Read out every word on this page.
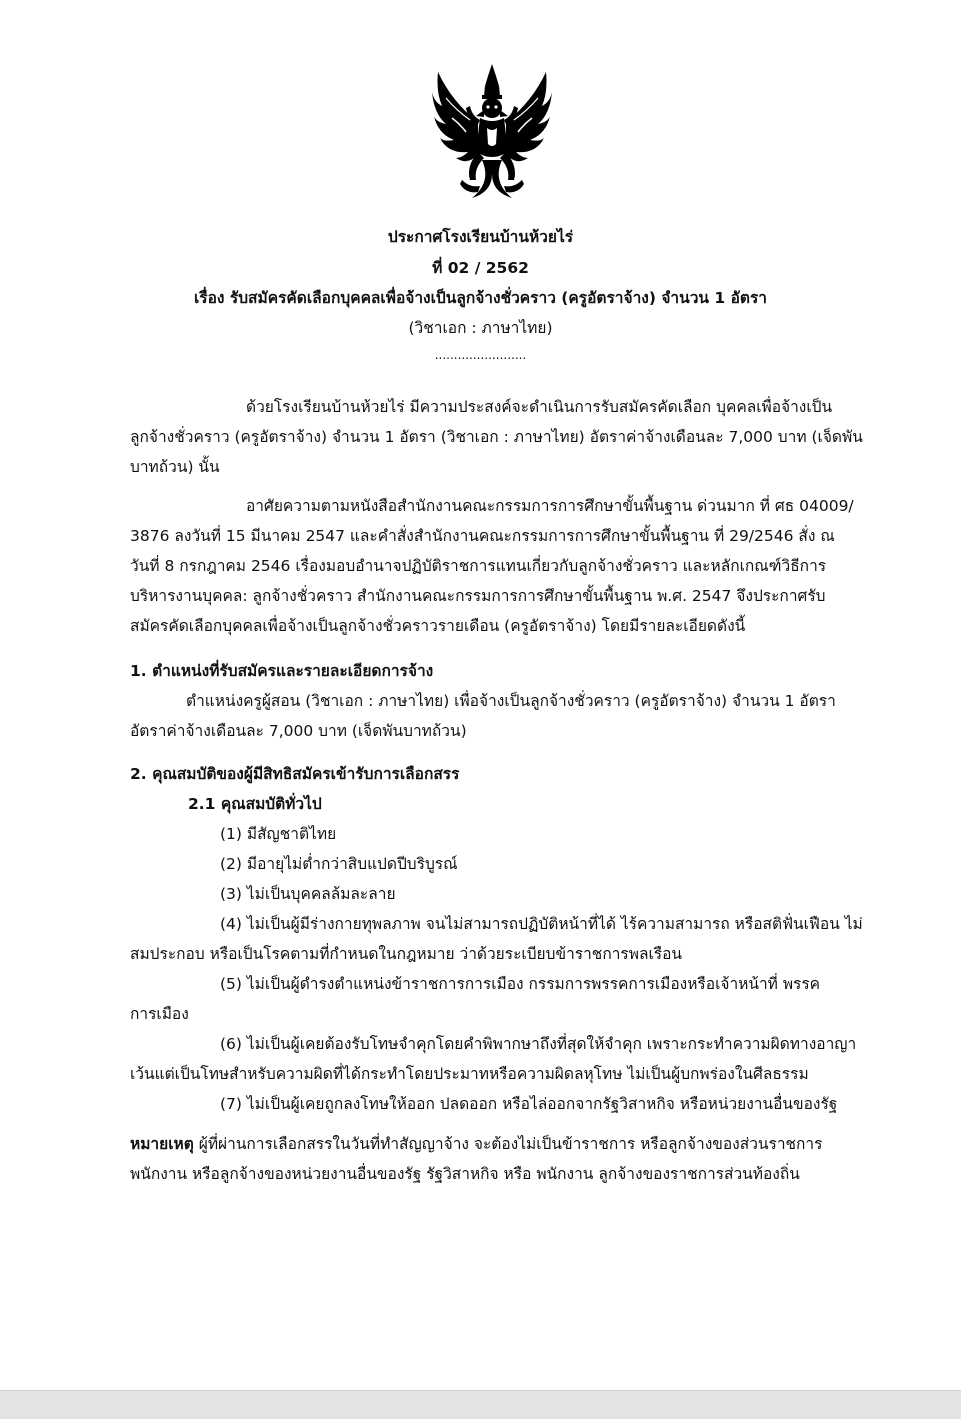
ประกาศโรงเรียนบ้านห้วยไร่
ที่ 02 / 2562
เรื่อง รับสมัครคัดเลือกบุคคลเพื่อจ้างเป็นลูกจ้างชั่วคราว (ครูอัตราจ้าง) จำนวน 1 อัตรา
(วิชาเอก : ภาษาไทย)
........................
ด้วยโรงเรียนบ้านห้วยไร่ มีความประสงค์จะดำเนินการรับสมัครคัดเลือก บุคคลเพื่อจ้างเป็น
ลูกจ้างชั่วคราว (ครูอัตราจ้าง) จำนวน 1 อัตรา (วิชาเอก : ภาษาไทย) อัตราค่าจ้างเดือนละ 7,000 บาท (เจ็ดพัน
บาทถ้วน) นั้น
อาศัยความตามหนังสือสำนักงานคณะกรรมการการศึกษาขั้นพื้นฐาน ด่วนมาก ที่ ศธ 04009/
3876 ลงวันที่ 15 มีนาคม 2547 และคำสั่งสำนักงานคณะกรรมการการศึกษาขั้นพื้นฐาน ที่ 29/2546 สั่ง ณ
วันที่ 8 กรกฎาคม 2546 เรื่องมอบอำนาจปฏิบัติราชการแทนเกี่ยวกับลูกจ้างชั่วคราว และหลักเกณฑ์วิธีการ
บริหารงานบุคคล: ลูกจ้างชั่วคราว สำนักงานคณะกรรมการการศึกษาขั้นพื้นฐาน พ.ศ. 2547 จึงประกาศรับ
สมัครคัดเลือกบุคคลเพื่อจ้างเป็นลูกจ้างชั่วคราวรายเดือน (ครูอัตราจ้าง) โดยมีรายละเอียดดังนี้
1. ตำแหน่งที่รับสมัครและรายละเอียดการจ้าง
ตำแหน่งครูผู้สอน (วิชาเอก : ภาษาไทย) เพื่อจ้างเป็นลูกจ้างชั่วคราว (ครูอัตราจ้าง) จำนวน 1 อัตรา
อัตราค่าจ้างเดือนละ 7,000 บาท (เจ็ดพันบาทถ้วน)
2. คุณสมบัติของผู้มีสิทธิสมัครเข้ารับการเลือกสรร
2.1 คุณสมบัติทั่วไป
(1) มีสัญชาติไทย
(2) มีอายุไม่ต่ำกว่าสิบแปดปีบริบูรณ์
(3) ไม่เป็นบุคคลล้มละลาย
(4) ไม่เป็นผู้มีร่างกายทุพลภาพ จนไม่สามารถปฏิบัติหน้าที่ได้ ไร้ความสามารถ หรือสติฟั่นเฟือน ไม่
สมประกอบ หรือเป็นโรคตามที่กำหนดในกฎหมาย ว่าด้วยระเบียบข้าราชการพลเรือน
(5) ไม่เป็นผู้ดำรงตำแหน่งข้าราชการการเมือง กรรมการพรรคการเมืองหรือเจ้าหน้าที่ พรรค
การเมือง
(6) ไม่เป็นผู้เคยต้องรับโทษจำคุกโดยคำพิพากษาถึงที่สุดให้จำคุก เพราะกระทำความผิดทางอาญา
เว้นแต่เป็นโทษสำหรับความผิดที่ได้กระทำโดยประมาทหรือความผิดลหุโทษ ไม่เป็นผู้บกพร่องในศีลธรรม
(7) ไม่เป็นผู้เคยถูกลงโทษให้ออก ปลดออก หรือไล่ออกจากรัฐวิสาหกิจ หรือหน่วยงานอื่นของรัฐ
หมายเหตุ ผู้ที่ผ่านการเลือกสรรในวันที่ทำสัญญาจ้าง จะต้องไม่เป็นข้าราชการ หรือลูกจ้างของส่วนราชการ
พนักงาน หรือลูกจ้างของหน่วยงานอื่นของรัฐ รัฐวิสาหกิจ หรือ พนักงาน ลูกจ้างของราชการส่วนท้องถิ่น
